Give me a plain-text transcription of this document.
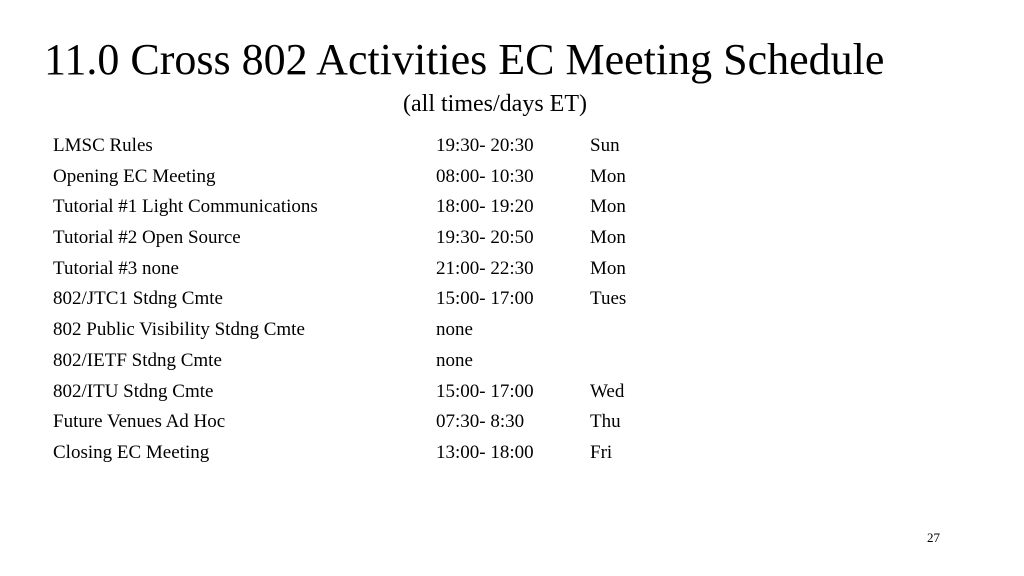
11.0 Cross 802 Activities EC Meeting Schedule
(all times/days ET)
LMSC Rules	19:30- 20:30	Sun
Opening EC Meeting	08:00- 10:30	Mon
Tutorial #1 Light Communications	18:00- 19:20	Mon
Tutorial #2 Open Source	19:30- 20:50	Mon
Tutorial #3 none	21:00- 22:30	Mon
802/JTC1 Stdng Cmte	15:00- 17:00	Tues
802 Public Visibility Stdng Cmte	none
802/IETF Stdng Cmte	none
802/ITU Stdng Cmte	15:00- 17:00	Wed
Future Venues Ad Hoc	07:30- 8:30	Thu
Closing EC Meeting	13:00- 18:00	Fri
27
